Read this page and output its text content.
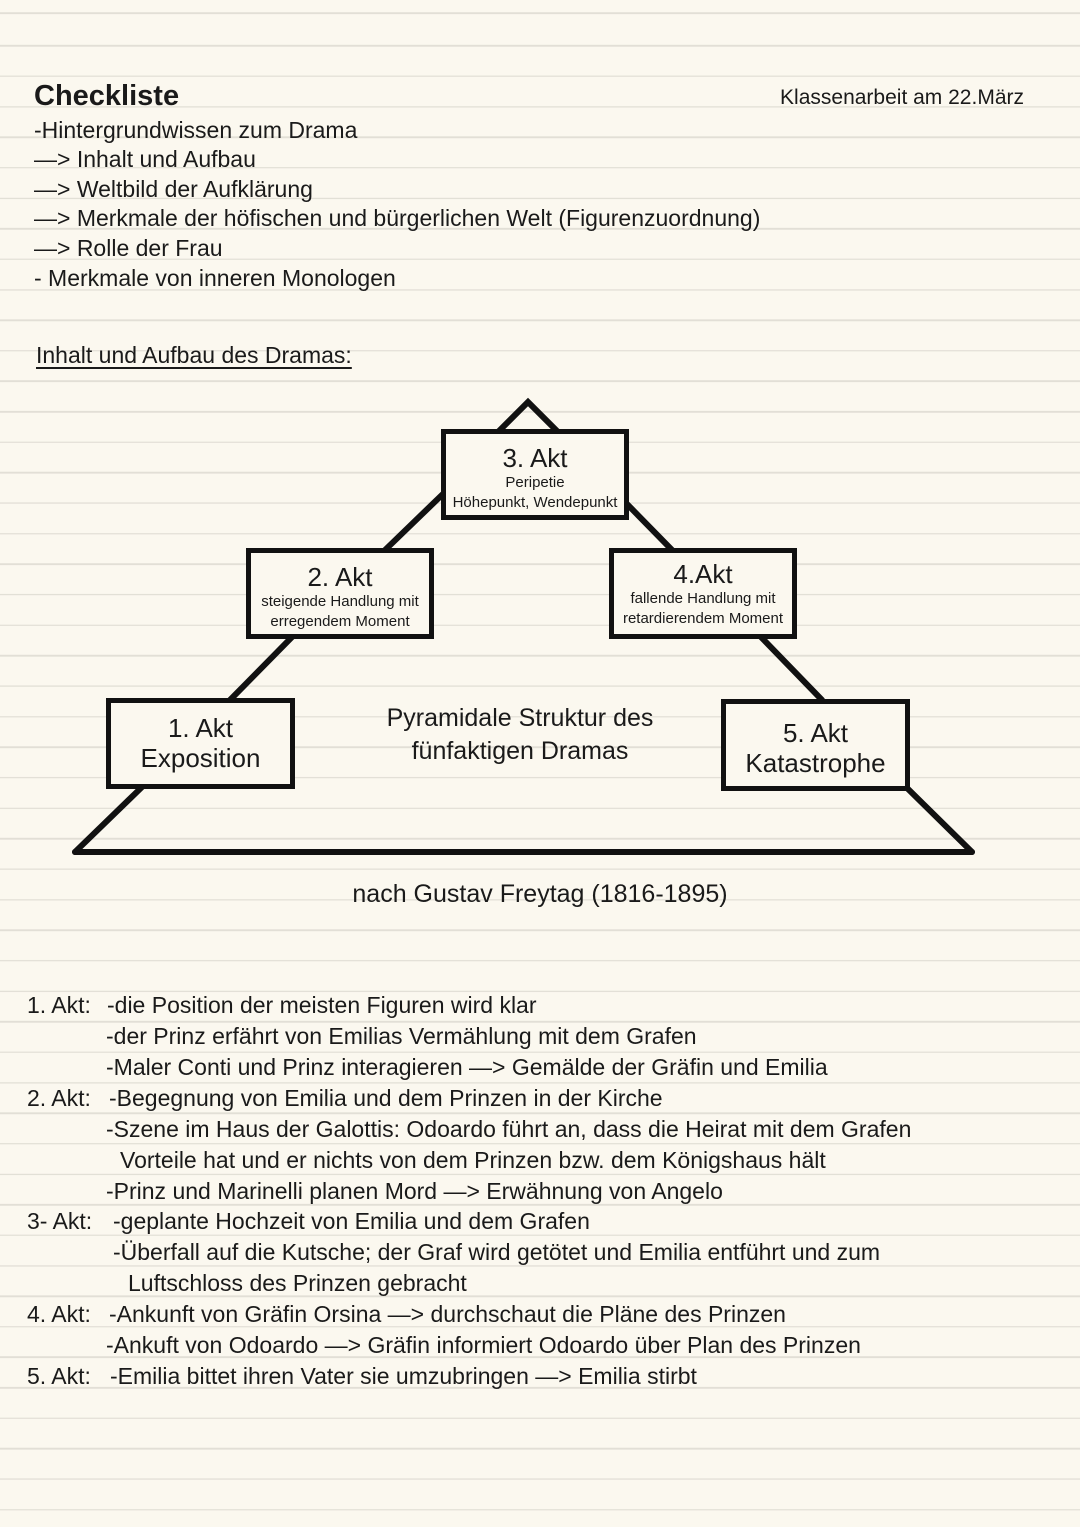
Checkliste	Klassenarbeit am 22.März
-Hintergrundwissen zum Drama
—> Inhalt und Aufbau
—> Weltbild der Aufklärung
—> Merkmale der höfischen und bürgerlichen Welt (Figurenzuordnung)
—> Rolle der Frau
- Merkmale von inneren Monologen
Inhalt und Aufbau des Dramas:
3. Akt
Peripetie
Höhepunkt, Wendepunkt
2. Akt
steigende Handlung mit
erregendem Moment
4.Akt
fallende Handlung mit
retardierendem Moment
1. Akt
Exposition
5. Akt
Katastrophe
Pyramidale Struktur des fünfaktigen Dramas
nach Gustav Freytag (1816-1895)
1. Akt: -die Position der meisten Figuren wird klar
-der Prinz erfährt von Emilias Vermählung mit dem Grafen
-Maler Conti und Prinz interagieren —> Gemälde der Gräfin und Emilia
2. Akt: -Begegnung von Emilia und dem Prinzen in der Kirche
-Szene im Haus der Galottis: Odoardo führt an, dass die Heirat mit dem Grafen
Vorteile hat und er nichts von dem Prinzen bzw. dem Königshaus hält
-Prinz und Marinelli planen Mord —> Erwähnung von Angelo
3- Akt: -geplante Hochzeit von Emilia und dem Grafen
-Überfall auf die Kutsche; der Graf wird getötet und Emilia entführt und zum
Luftschloss des Prinzen gebracht
4. Akt: -Ankunft von Gräfin Orsina —> durchschaut die Pläne des Prinzen
-Ankuft von Odoardo —> Gräfin informiert Odoardo über Plan des Prinzen
5. Akt: -Emilia bittet ihren Vater sie umzubringen —> Emilia stirbt
